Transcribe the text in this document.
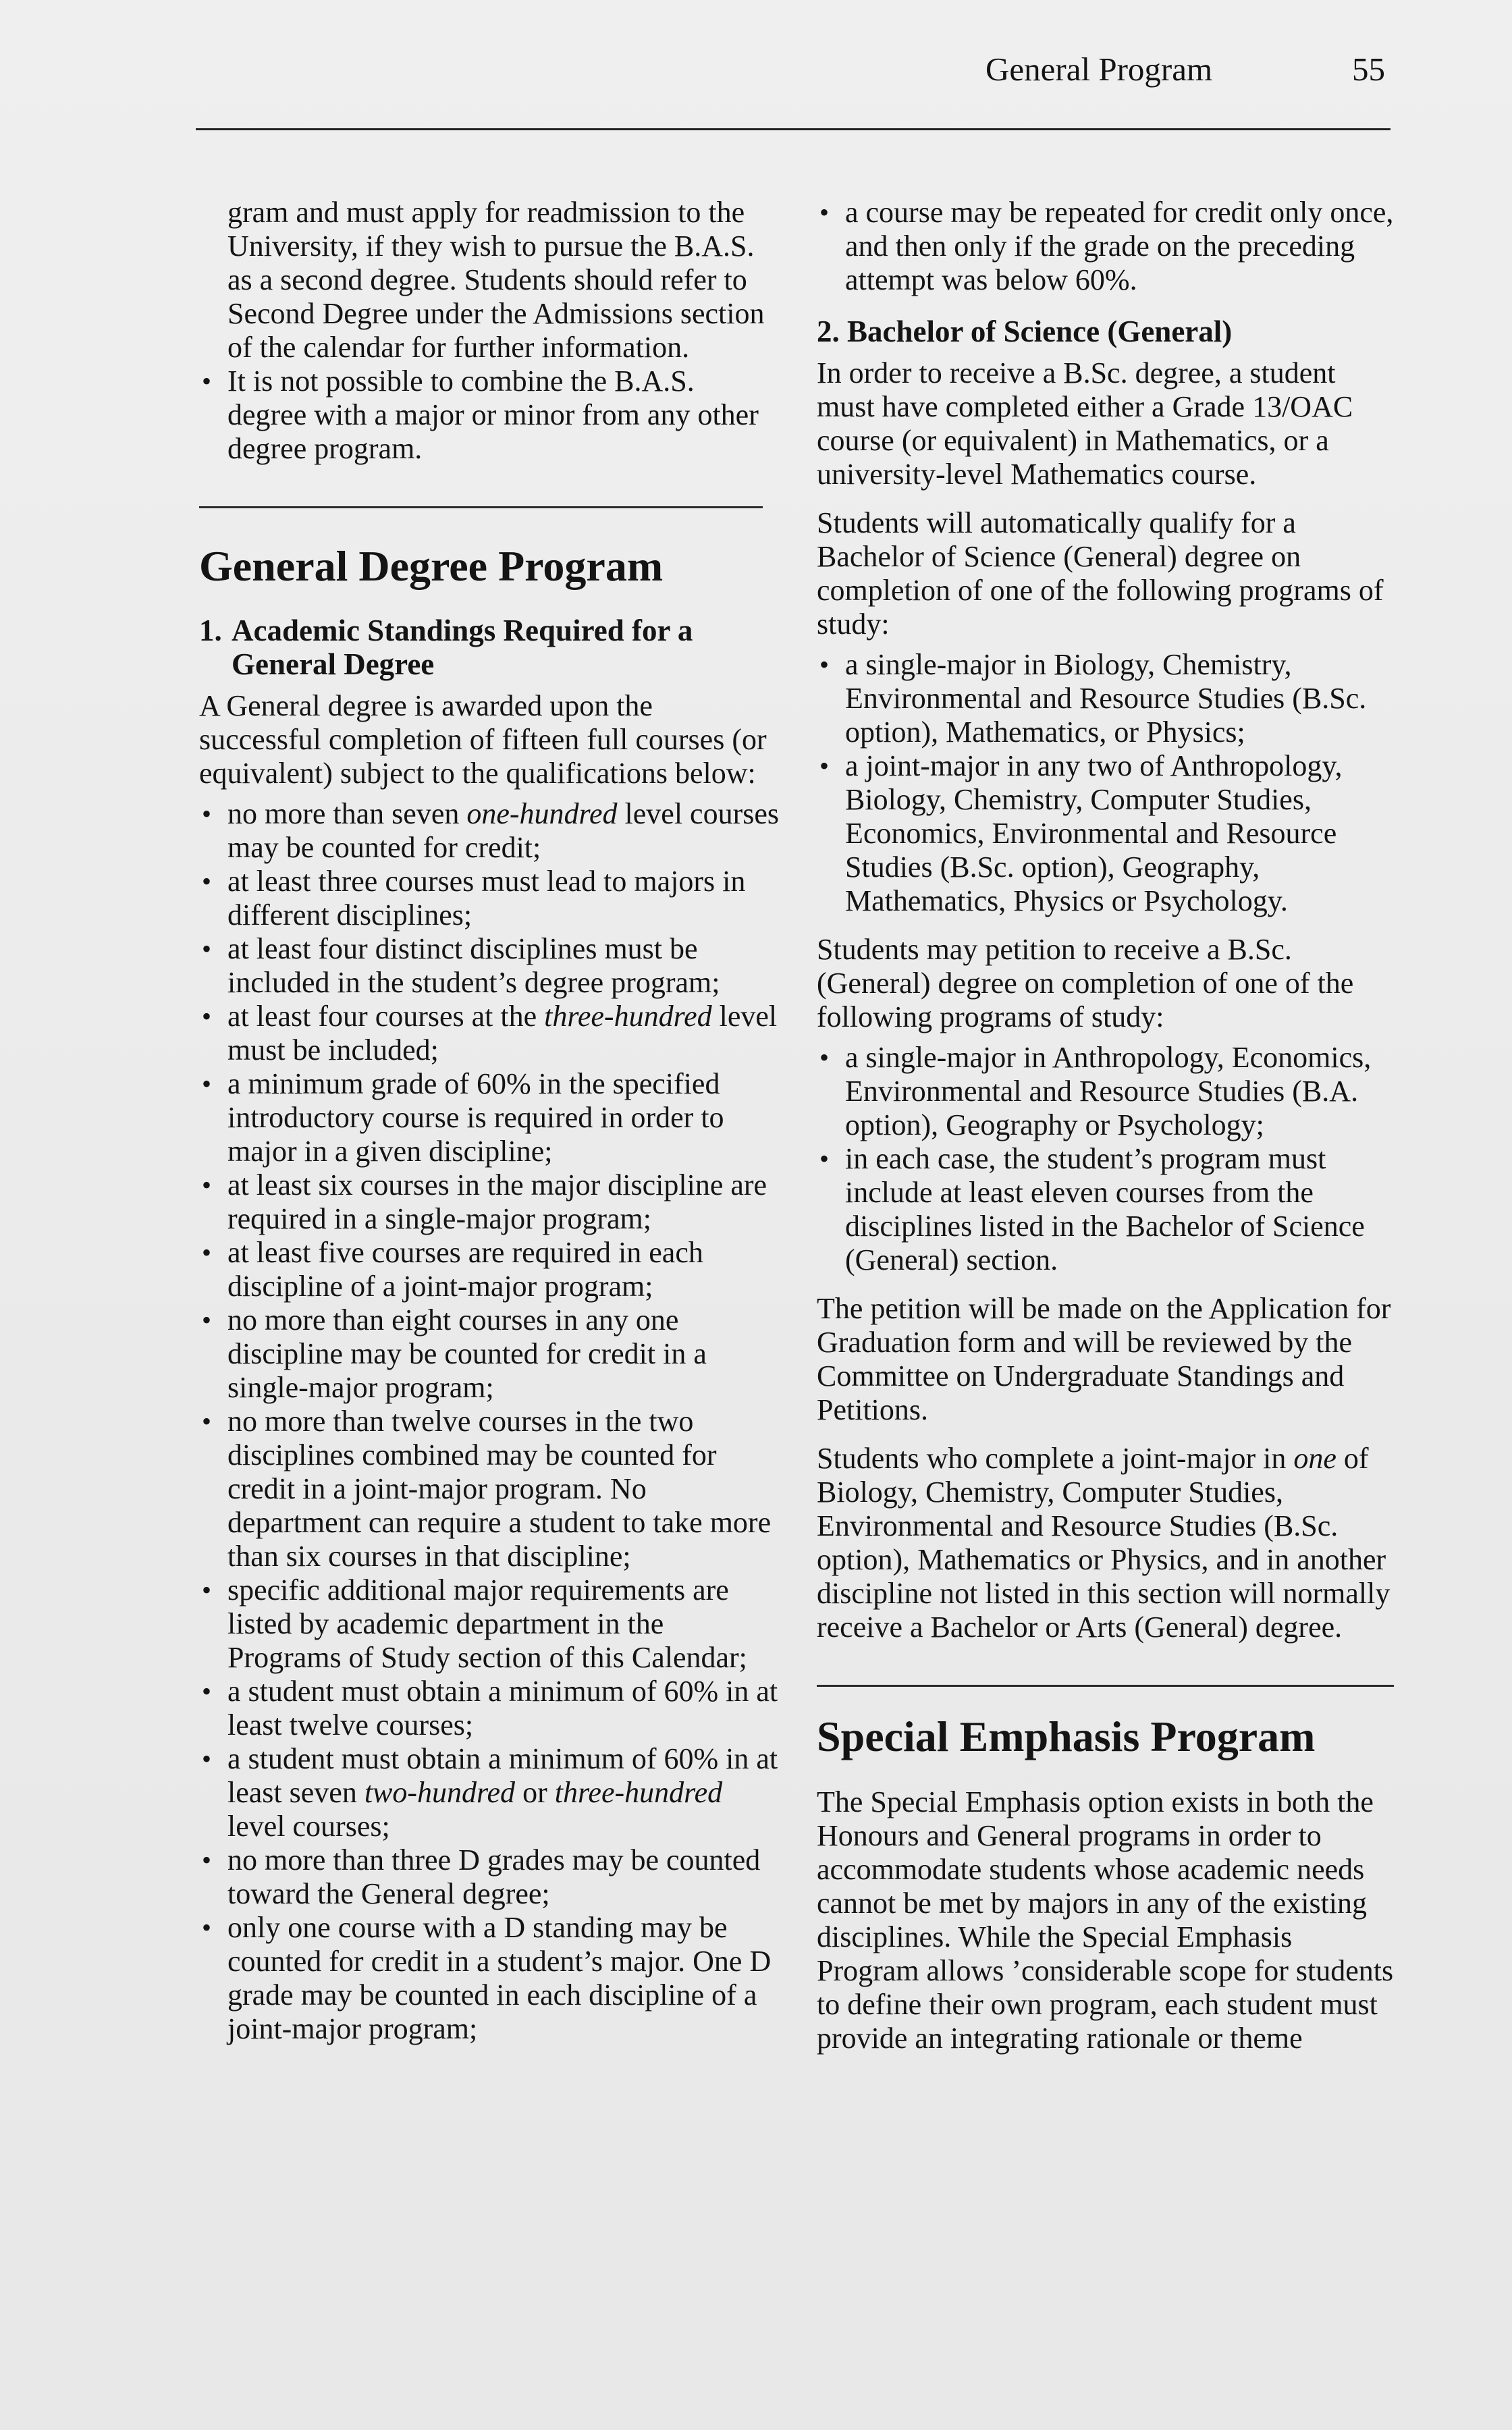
General Program	55

gram and must apply for readmission to the University, if they wish to pursue the B.A.S. as a second degree. Students should refer to Second Degree under the Admissions section of the calendar for further information.

• It is not possible to combine the B.A.S. degree with a major or minor from any other degree program.
General Degree Program
1. Academic Standings Required for a
General Degree

A General degree is awarded upon the successful completion of fifteen full courses (or equivalent) subject to the qualifications below:

• no more than seven one-hundred level courses may be counted for credit;
• at least three courses must lead to majors in different disciplines;
• at least four distinct disciplines must be included in the student’s degree program;
• at least four courses at the three-hundred level must be included;
• a minimum grade of 60% in the specified introductory course is required in order to major in a given discipline;
• at least six courses in the major discipline are required in a single-major program;
• at least five courses are required in each discipline of a joint-major program;
• no more than eight courses in any one discipline may be counted for credit in a single-major program;
• no more than twelve courses in the two disciplines combined may be counted for credit in a joint-major program. No department can require a student to take more than six courses in that discipline;
• specific additional major requirements are listed by academic department in the Programs of Study section of this Calendar;
• a student must obtain a minimum of 60% in at least twelve courses;
• a student must obtain a minimum of 60% in at least seven two-hundred or three-hundred level courses;
• no more than three D grades may be counted toward the General degree;
• only one course with a D standing may be counted for credit in a student’s major. One D grade may be counted in each discipline of a joint-major program;
• a course may be repeated for credit only once, and then only if the grade on the preceding attempt was below 60%.
2. Bachelor of Science (General)

In order to receive a B.Sc. degree, a student must have completed either a Grade 13/OAC course (or equivalent) in Mathematics, or a university-level Mathematics course.

Students will automatically qualify for a Bachelor of Science (General) degree on completion of one of the following programs of study:

• a single-major in Biology, Chemistry, Environmental and Resource Studies (B.Sc. option), Mathematics, or Physics;
• a joint-major in any two of Anthropology, Biology, Chemistry, Computer Studies, Economics, Environmental and Resource Studies (B.Sc. option), Geography, Mathematics, Physics or Psychology.

Students may petition to receive a B.Sc. (General) degree on completion of one of the following programs of study:

• a single-major in Anthropology, Economics, Environmental and Resource Studies (B.A. option), Geography or Psychology;
• in each case, the student’s program must include at least eleven courses from the disciplines listed in the Bachelor of Science (General) section.

The petition will be made on the Application for Graduation form and will be reviewed by the Committee on Undergraduate Standings and Petitions.

Students who complete a joint-major in one of Biology, Chemistry, Computer Studies, Environmental and Resource Studies (B.Sc. option), Mathematics or Physics, and in another discipline not listed in this section will normally receive a Bachelor or Arts (General) degree.

Special Emphasis Program

The Special Emphasis option exists in both the Honours and General programs in order to accommodate students whose academic needs cannot be met by majors in any of the existing disciplines. While the Special Emphasis Program allows ’considerable scope for students to define their own program, each student must provide an integrating rationale or theme
